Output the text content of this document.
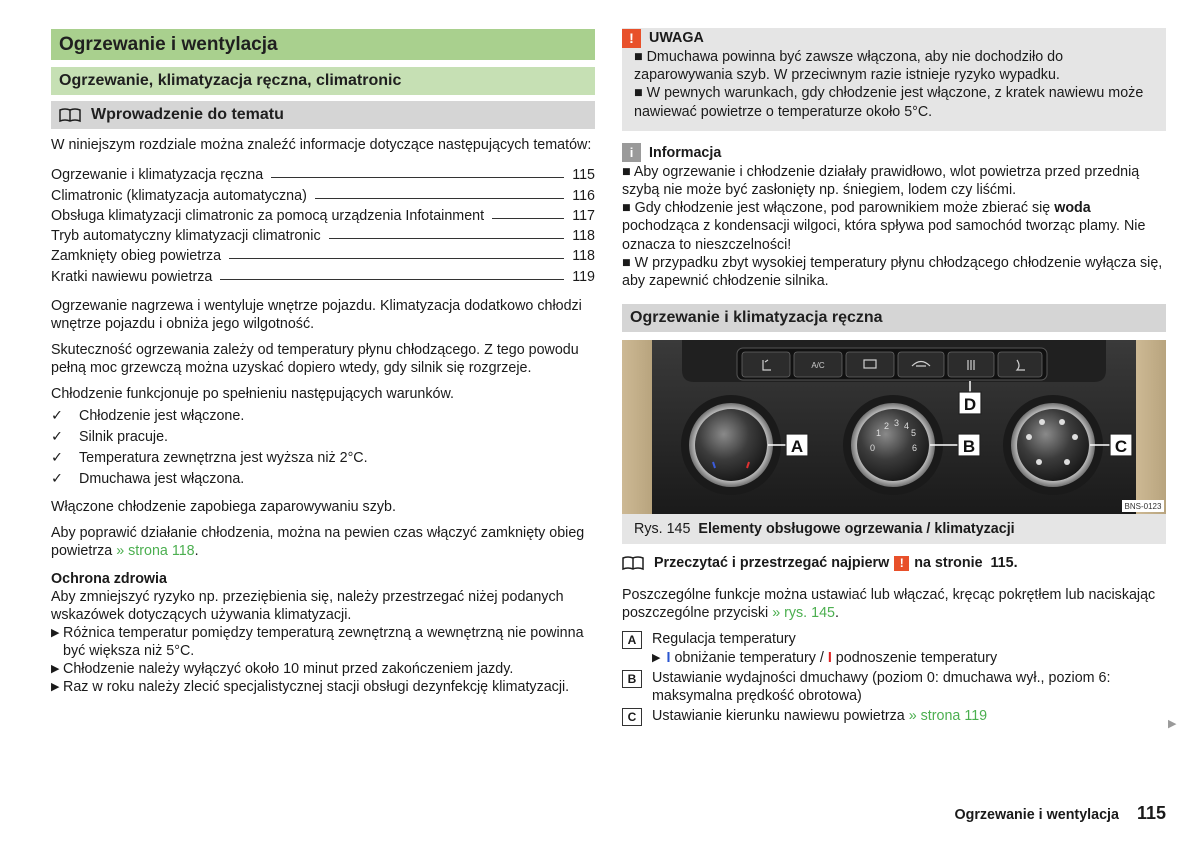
Ogrzewanie i wentylacja
Ogrzewanie, klimatyzacja ręczna, climatronic
Wprowadzenie do tematu

W niniejszym rozdziale można znaleźć informacje dotyczące następujących tematów:

Ogrzewanie i klimatyzacja ręczna	115
Climatronic (klimatyzacja automatyczna)	116
Obsługa klimatyzacji climatronic za pomocą urządzenia Infotainment	117
Tryb automatyczny klimatyzacji climatronic	118
Zamknięty obieg powietrza	118
Kratki nawiewu powietrza	119

Ogrzewanie nagrzewa i wentyluje wnętrze pojazdu. Klimatyzacja dodatkowo chłodzi wnętrze pojazdu i obniża jego wilgotność.

Skuteczność ogrzewania zależy od temperatury płynu chłodzącego. Z tego powodu pełną moc grzewczą można uzyskać dopiero wtedy, gdy silnik się rozgrzeje.

Chłodzenie funkcjonuje po spełnieniu następujących warunków.

✓	Chłodzenie jest włączone.
✓	Silnik pracuje.
✓	Temperatura zewnętrzna jest wyższa niż 2°C.
✓	Dmuchawa jest włączona.

Włączone chłodzenie zapobiega zaparowywaniu szyb.

Aby poprawić działanie chłodzenia, można na pewien czas włączyć zamknięty obieg powietrza » strona 118.

Ochrona zdrowia

Aby zmniejszyć ryzyko np. przeziębienia się, należy przestrzegać niżej podanych wskazówek dotyczących używania klimatyzacji.

▶ Różnica temperatur pomiędzy temperaturą zewnętrzną a wewnętrzną nie powinna być większa niż 5°C.
▶ Chłodzenie należy wyłączyć około 10 minut przed zakończeniem jazdy.
▶ Raz w roku należy zlecić specjalistycznej stacji obsługi dezynfekcję klimatyzacji.
!	UWAGA

■ Dmuchawa powinna być zawsze włączona, aby nie dochodziło do zaparowywania szyb. W przeciwnym razie istnieje ryzyko wypadku.

■ W pewnych warunkach, gdy chłodzenie jest włączone, z kratek nawiewu może nawiewać powietrze o temperaturze około 5°C.

i	Informacja

■ Aby ogrzewanie i chłodzenie działały prawidłowo, wlot powietrza przed przednią szybą nie może być zasłonięty np. śniegiem, lodem czy liśćmi.

■ Gdy chłodzenie jest włączone, pod parownikiem może zbierać się woda pochodząca z kondensacji wilgoci, która spływa pod samochód tworząc plamy. Nie oznacza to nieszczelności!

■ W przypadku zbyt wysokiej temperatury płynu chłodzącego chłodzenie wyłącza się, aby zapewnić chłodzenie silnika.

Ogrzewanie i klimatyzacja ręczna
A/C
0
1
2 3 4
5
6
A	B	C
D
BNS-0123
Rys. 145 Elementy obsługowe ogrzewania / klimatyzacji
Przeczytać i przestrzegać najpierw ! na stronie
115.

Poszczególne funkcje można ustawiać lub włączać, kręcąc pokrętłem lub naciskając poszczególne przyciski » rys. 145.

A	Regulacja temperatury
▶ I
obniżanie temperatury /
I
podnoszenie temperatury
B	Ustawianie wydajności dmuchawy (poziom 0: dmuchawa wył., poziom 6: maksymalna prędkość obrotowa)
C	Ustawianie kierunku nawiewu powietrza » strona 119	▶
Ogrzewanie i wentylacja 115
